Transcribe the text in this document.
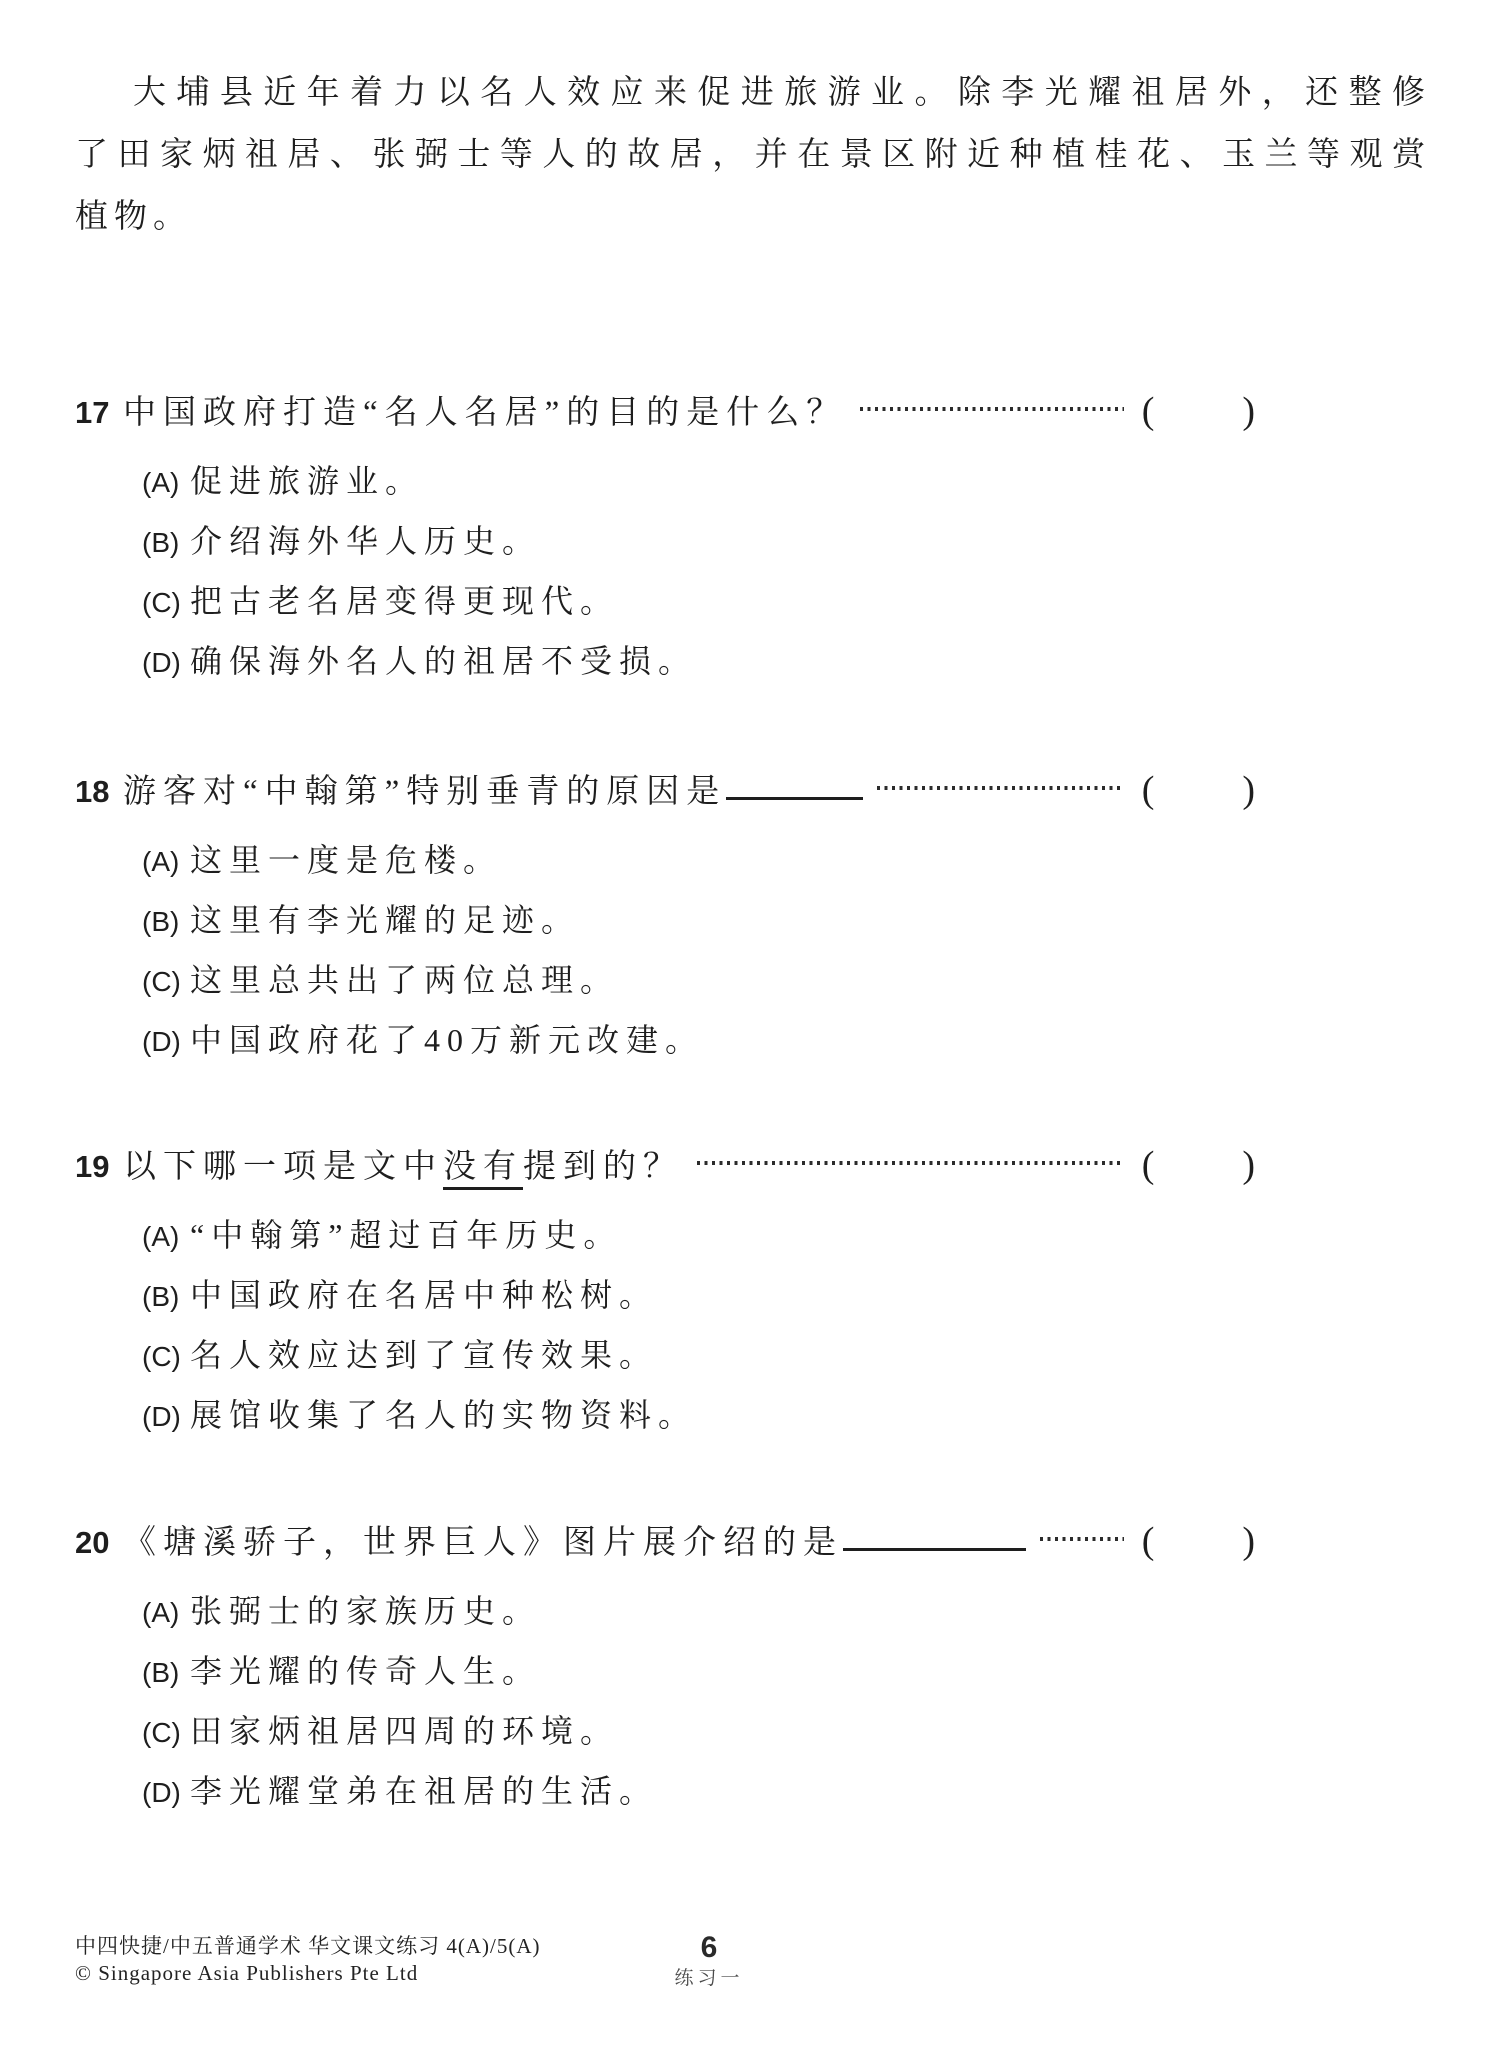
大埔县近年着力以名人效应来促进旅游业。除李光耀祖居外，还整修
了田家炳祖居、张弼士等人的故居，并在景区附近种植桂花、玉兰等观赏
植物。
17 中国政府打造“名人名居”的目的是什么？	( )
(A) 促进旅游业。
(B) 介绍海外华人历史。
(C) 把古老名居变得更现代。
(D) 确保海外名人的祖居不受损。
18 游客对“中翰第”特别垂青的原因是	( )
(A) 这里一度是危楼。
(B) 这里有李光耀的足迹。
(C) 这里总共出了两位总理。
(D) 中国政府花了40万新元改建。
19 以下哪一项是文中没有提到的？	( )
(A) “中翰第”超过百年历史。
(B) 中国政府在名居中种松树。
(C) 名人效应达到了宣传效果。
(D) 展馆收集了名人的实物资料。
20 《塘溪骄子，世界巨人》图片展介绍的是	( )
(A) 张弼士的家族历史。
(B) 李光耀的传奇人生。
(C) 田家炳祖居四周的环境。
(D) 李光耀堂弟在祖居的生活。
中四快捷/中五普通学术 华文课文练习 4(A)/5(A)
© Singapore Asia Publishers Pte Ltd
6
练习一
